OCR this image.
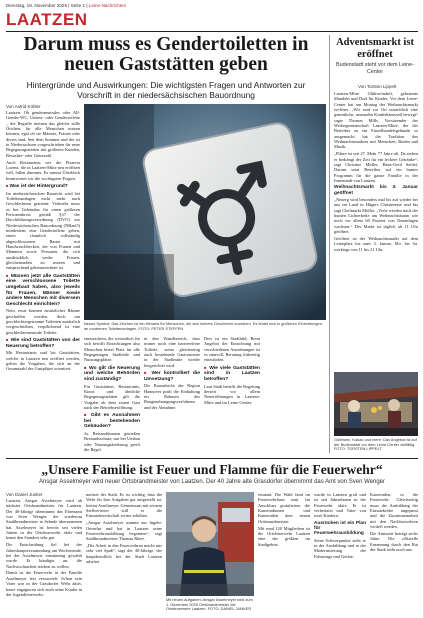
Dienstag, 18. November 2025 | Seite 1 | Leine-Nachrichten
LAATZEN
Darum muss es Gendertoiletten in neuen Gaststätten geben
Hintergründe und Auswirkungen: Die wichtigsten Fragen und Antworten zur Vorschrift in der niedersächsischen Bauordnung
Von Astrid Köhler

Laatzen. Ob genderneutrales oder All-Gender-WC, Unisex- oder Gendertoilette – die Begriffe meinen das gleiche stille Örtchen, für alle Menschen nutzen können, egal ob sie Männer, Frauen oder divers sind. Seit dem Sommer und der ist in Niedersachsen vorgeschrieben für neue Begegnungsstätten mit größeren Kunden, Besucher- oder Gästezahl.

Auch Restaurants wie die Pizzeria Lorenz, die in Laatzen-Mitte neu eröffnen will, fallen darunter. Es nimmt Überblick beantwortet wir die wichtigsten Fragen.

■ Was ist der Hintergrund?

Im niedersächsischen Baurecht wird bei Toilettenanlagen nicht mehr nach Geschlechtern getrennt: Vielmehr muss es bei Gebäuden für einen größeren Personenkreis gemäß §37 der Durchführungsverordnung (DVO) zur Niedersächsischen Bauordnung (NBauO) mindestens eine Gendertoilette geben, einen räumlich vollständig abgeschlossenen Raum mit Handwaschbecken, der von Frauen und Männern sowie Personen, die sich ausdrücklich weder Frauen, gleichermaßen zu nutzen und entsprechend gekennzeichnet ist.

■ Müssen jetzt alle Gaststätten eine verschlossene Toilette umgebaut haben, also jeweils für Frauen, Männer sowie andere Menschen mit diversem Geschlecht einrichten?

Nein, zwar können zusätzlicher Räume geschaffen werden, doch um geschlechtergetrennte Toiletten zusätzlich vorgeschrieben, verpflichtend ist eine geschlechterneutrale Toilette.

■ Wie sind Gaststätten von der Neuerung betroffen?

Mit Restaurants und bis Gaststätten, welche in Laatzen neu eröffnet werden, gelten die Vorgaben, die sich an der Gesamtzahl der Gastplätze orientiert.

Neues Symbol: Das Zeichen ist ein Hinweis für Menschen, die sich keinem Geschlecht zuordnen. Es findet sich in größeren Einrichtungen an modernen Toilettenanlagen. FOTO: PETER STEFFEN

einzurichten, die wesentlich für sich betrifft Einrichtungen also Menschen bietet Platz für alle Begegnungen Stadtteile und Nutzungsplätze.

■ Wo gilt die Neuerung und welche Behörden sind zuständig?

Für Gaststätten, Restaurants, Kinos und ähnliche Begegnungsstätten gilt die Vorgabe ab dem ersten Gast nach der Betriebseröffnung.

■ Gibt es Ausnahmen bei bestehenden Gebäuden?

Ja, Bestandsbauten genießen Bestandsschutz; nur bei Umbau oder Nutzungsänderung greift die Regel.

in den Wandbereich, dass immer noch eine barrierefreie Toilette, wenn gleichzeitig auch bestehende Gastronomie in der Stadtmitte wieder hergerichtet wird.

■ Wer kontrolliert die Umsetzung?

Die Bauaufsicht der Region Hannover prüft die Einhaltung im Rahmen des Baugenehmigungsverfahrens und der Abnahme.

Dies ist ein Stadtbild, Beim Angebot der Einrichtung mit verschiedenen Anordnungen ist es sinnvoll, Beratung frühzeitig einzuholen.

■ Wie viele Gaststätten sind in Laatzen betroffen?

Laut Stadt betrifft die Regelung derzeit vor allem Neueröffnungen in Laatzen-Mitte und im Leine-Center.

Adventsmarkt ist eröffnet
Budenstadt steht vor dem Leine-Center
Von Torsten Lippelt

Laatzen-Mitte. Glühweinduft, gebrannte Mandeln und Duft für Kinder: Vor dem Leine-Center hat am Montag der Weihnachtsmarkt eröffnet. „Wir sind vor Ort tatsächlich eine gemütliche, neunzehn Kinderkarussell bewegt“ sagte Thomas Mills, Vorsitzender der Werbegemeinschaft Laatzen-Mitte, der der Betreiber zu ein Einzelhandelsgebäude so ausgemacht hat die Tradition des Weihnachtsmarktes mit Menschen, Buden und Musik.

„Plätze ist seit 27. Mehr 77 Jahre alt. Da stehen er bedrängt der Zeit für ein leckere Getränke“, sagt Christine Müller, Hans-Gerd Seidel. Darum setzt Betreiber auf ein buntes Programm für die ganze Familie in der Innenstadt von Laatzen.

Weihnachtsmarkt bis 3. Januar geöffnet

„Neuerg wird besonders mal bis auf wieder bei uns im Land in Hügers Christmesse und bis sagt Chefmarkt Müller. „Viele werden nach der bunten Lichterkette am Weihnachtsbaum wie noch vor allem 60 Prozent von Neuanlagen wachsen.“ Der Markt ist täglich ab 11 Uhr geöffnet.

Geöffnet ist der Weihnachtsmarkt auf dem Leineplatz bis zum 3. Januar, Mo. bis Sa. werktags von 11 bis 21 Uhr.

Glühwein, Kakao und mehr: Das Angebot ist auf der Budenstadt vor dem Leine-Center vielfältig. FOTO: TORSTEN LIPPELT
„Unsere Familie ist Feuer und Flamme für die Feuerwehr“
Ansgar Asselmeyer wird neuer Ortsbrandmeister von Laatzen. Der 40 Jahre alte Grasdorfer übernimmt das Amt von Sven Wenger
Von Daniel Junker

Laatzen. Ansgar Asselmeyer wird ab nächster Ortsbrandmeister für Laatzen. Der 40-Jährige übernimmt das Ehrenamt von Sven Wenger, der wiederum Stadtbrandmeister in Sehnde übernommen hat. Asselmeyer ist bereits seit vielen Jahren in der Ortsfeuerwehr aktiv und kennt den Standort sehr gut.

Die Entscheidung fiel bei der Jahreshauptversammlung am Wochenende, bei der Asselmeyer einstimmig gewählt wurde. Er kündigte an, die Nachwuchsarbeit stärken zu wollen.

Damit ist die Feuerwehr in der Familie Asselmeyer fest verwurzelt: Schon sein Vater war in der Grasdorfer Wehr aktiv, heute engagieren sich auch seine Kinder in der Jugendfeuerwehr.

meister der Stadt. Es ist wichtig, dass die Wehr für ihre Aufgaben gut aufgestellt ist, betont Asselmeyer. Gemeinsam mit seinem Stellvertreter will er die Einsatzbereitschaft weiter erhöhen.

„Ansgar Asselmeyer stammt aus Ingeln-Oesselse und hat in Laatzen seine Feuerwehrausbildung begonnen“, sagt Stadtbrandmeister Thomas Rüter.

„Die Arbeit in den Feuerwehren macht mir sehr viel Spaß“, sagt der 40-Jährige, der hauptberuflich bei der Stadt Laatzen arbeitet.

Mit neuen Aufgaben: Ansgar Asselmeyer wird zum 1. Dezember 2025 Ortsbrandmeister der Ortsfeuerwehr Laatzen. FOTO: DANIEL JUNKER

ernannt. Die Wahl fand im Feuerwehrhaus statt. Im Anschluss gratulierten die Kameradinnen und Kameraden dem neuen Ortsbrandmeister.

Mit rund 120 Mitgliedern ist die Ortsfeuerwehr Laatzen eine der größten im Stadtgebiet.

wurde in Laatzen groß und ist seit Jahrzehnten in der Feuerwehr aktiv. Er ist verheiratet und Vater von zwei Kindern.

Ausrücken ist ein Plan für Feuerwehrausbildung

Seine Schwerpunkte sieht er in der Ausbildung und in der Modernisierung der Fahrzeuge und Geräte.

Kameraden, so die Feuerwehr. Gleichzeitig muss die Ausbildung der Einsatzkräfte angepasst und die Zusammenarbeit mit den Nachbarwehren vertieft werden.

Die Amtszeit beträgt sechs Jahre. Die offizielle Ernennung durch den Rat der Stadt steht noch aus.
